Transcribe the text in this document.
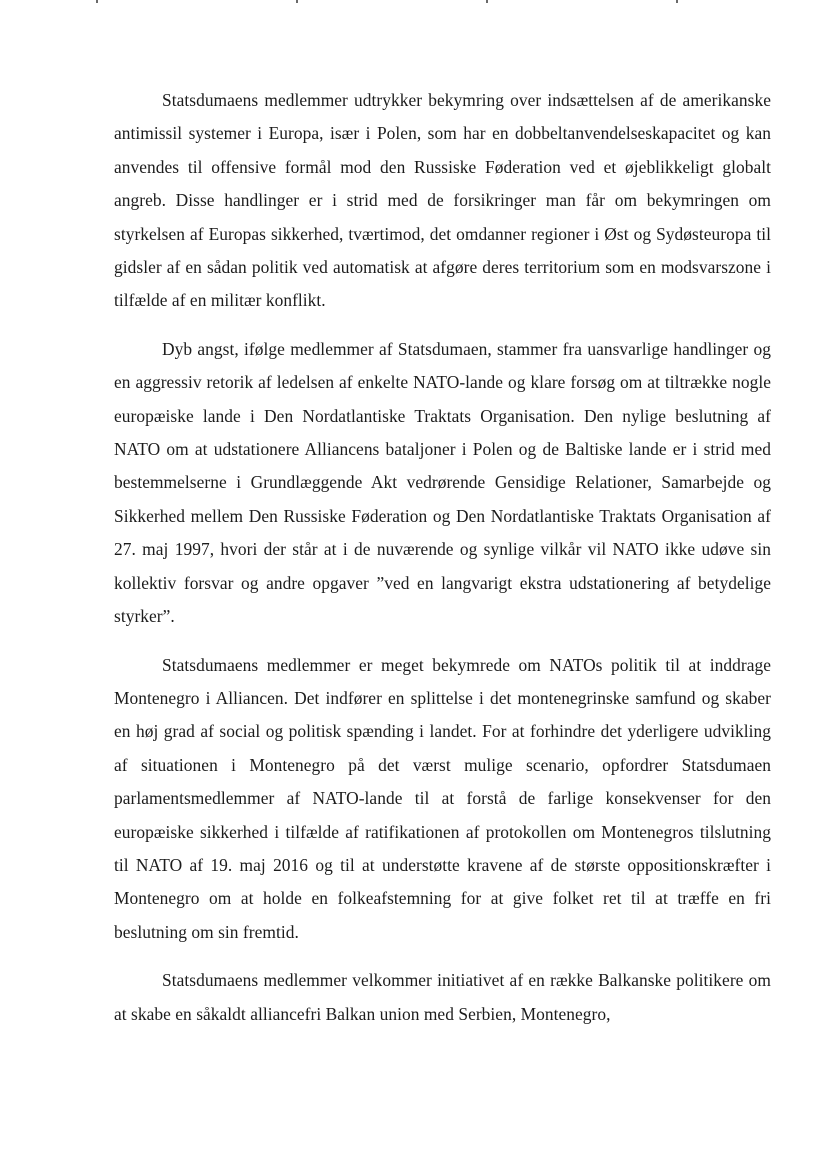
Statsdumaens medlemmer udtrykker bekymring over indsættelsen af de amerikanske antimissil systemer i Europa, især i Polen, som har en dobbeltanvendelseskapacitet og kan anvendes til offensive formål mod den Russiske Føderation ved et øjeblikkeligt globalt angreb. Disse handlinger er i strid med de forsikringer man får om bekymringen om styrkelsen af Europas sikkerhed, tværtimod, det omdanner regioner i Øst og Sydøsteuropa til gidsler af en sådan politik ved automatisk at afgøre deres territorium som en modsvarszone i tilfælde af en militær konflikt.

Dyb angst, ifølge medlemmer af Statsdumaen, stammer fra uansvarlige handlinger og en aggressiv retorik af ledelsen af enkelte NATO-lande og klare forsøg om at tiltrække nogle europæiske lande i Den Nordatlantiske Traktats Organisation. Den nylige beslutning af NATO om at udstationere Alliancens bataljoner i Polen og de Baltiske lande er i strid med bestemmelserne i Grundlæggende Akt vedrørende Gensidige Relationer, Samarbejde og Sikkerhed mellem Den Russiske Føderation og Den Nordatlantiske Traktats Organisation af 27. maj 1997, hvori der står at i de nuværende og synlige vilkår vil NATO ikke udøve sin kollektiv forsvar og andre opgaver ”ved en langvarigt ekstra udstationering af betydelige styrker”.

Statsdumaens medlemmer er meget bekymrede om NATOs politik til at inddrage Montenegro i Alliancen. Det indfører en splittelse i det montenegrinske samfund og skaber en høj grad af social og politisk spænding i landet. For at forhindre det yderligere udvikling af situationen i Montenegro på det værst mulige scenario, opfordrer Statsdumaen parlamentsmedlemmer af NATO-lande til at forstå de farlige konsekvenser for den europæiske sikkerhed i tilfælde af ratifikationen af protokollen om Montenegros tilslutning til NATO af 19. maj 2016 og til at understøtte kravene af de største oppositionskræfter i Montenegro om at holde en folkeafstemning for at give folket ret til at træffe en fri beslutning om sin fremtid.

Statsdumaens medlemmer velkommer initiativet af en række Balkanske politikere om at skabe en såkaldt alliancefri Balkan union med Serbien, Montenegro,
